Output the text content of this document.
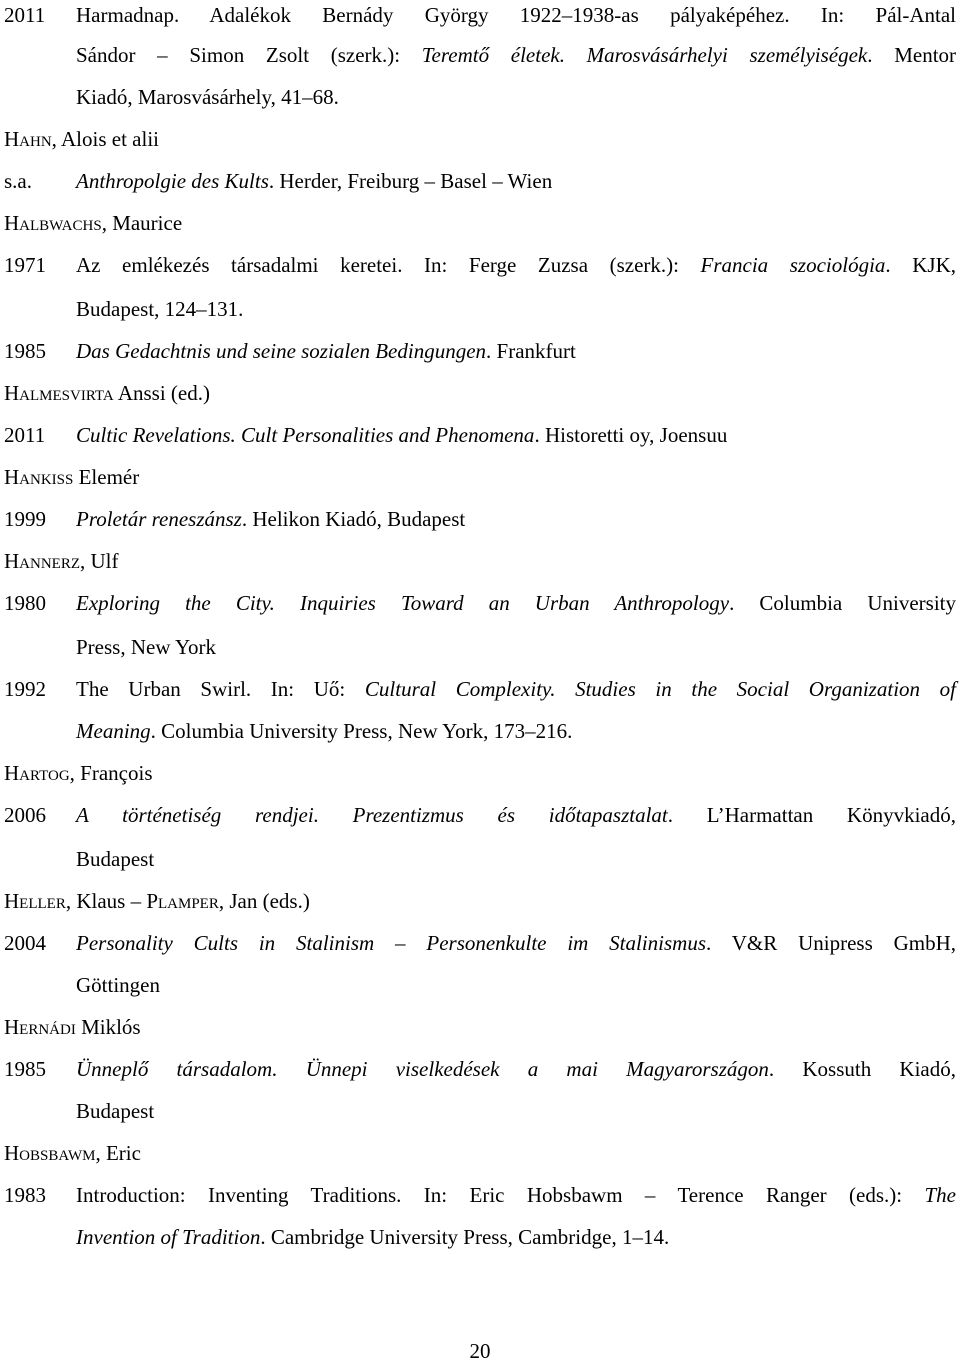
2011	Harmadnap. Adalékok Bernády György 1922–1938-as pályaképéhez. In: Pál-Antal
Sándor – Simon Zsolt (szerk.): Teremtő életek. Marosvásárhelyi személyiségek. Mentor
Kiadó, Marosvásárhely, 41–68.
Hahn, Alois et alii
s.a.	Anthropolgie des Kults. Herder, Freiburg – Basel – Wien
Halbwachs, Maurice
1971	Az emlékezés társadalmi keretei. In: Ferge Zuzsa (szerk.): Francia szociológia. KJK,
Budapest, 124–131.
1985	Das Gedachtnis und seine sozialen Bedingungen. Frankfurt
Halmesvirta Anssi (ed.)
2011	Cultic Revelations. Cult Personalities and Phenomena. Historetti oy, Joensuu
Hankiss Elemér
1999	Proletár reneszánsz. Helikon Kiadó, Budapest
Hannerz, Ulf
1980	Exploring the City. Inquiries Toward an Urban Anthropology. Columbia University
Press, New York
1992	The Urban Swirl. In: Uő: Cultural Complexity. Studies in the Social Organization of
Meaning. Columbia University Press, New York, 173–216.
Hartog, François
2006	A történetiség rendjei. Prezentizmus és időtapasztalat. L’Harmattan Könyvkiadó,
Budapest
Heller, Klaus – Plamper, Jan (eds.)
2004	Personality Cults in Stalinism – Personenkulte im Stalinismus. V&R Unipress GmbH,
Göttingen
Hernádi Miklós
1985	Ünneplő társadalom. Ünnepi viselkedések a mai Magyarországon. Kossuth Kiadó,
Budapest
Hobsbawm, Eric
1983	Introduction: Inventing Traditions. In: Eric Hobsbawm – Terence Ranger (eds.): The
Invention of Tradition. Cambridge University Press, Cambridge, 1–14.
20
